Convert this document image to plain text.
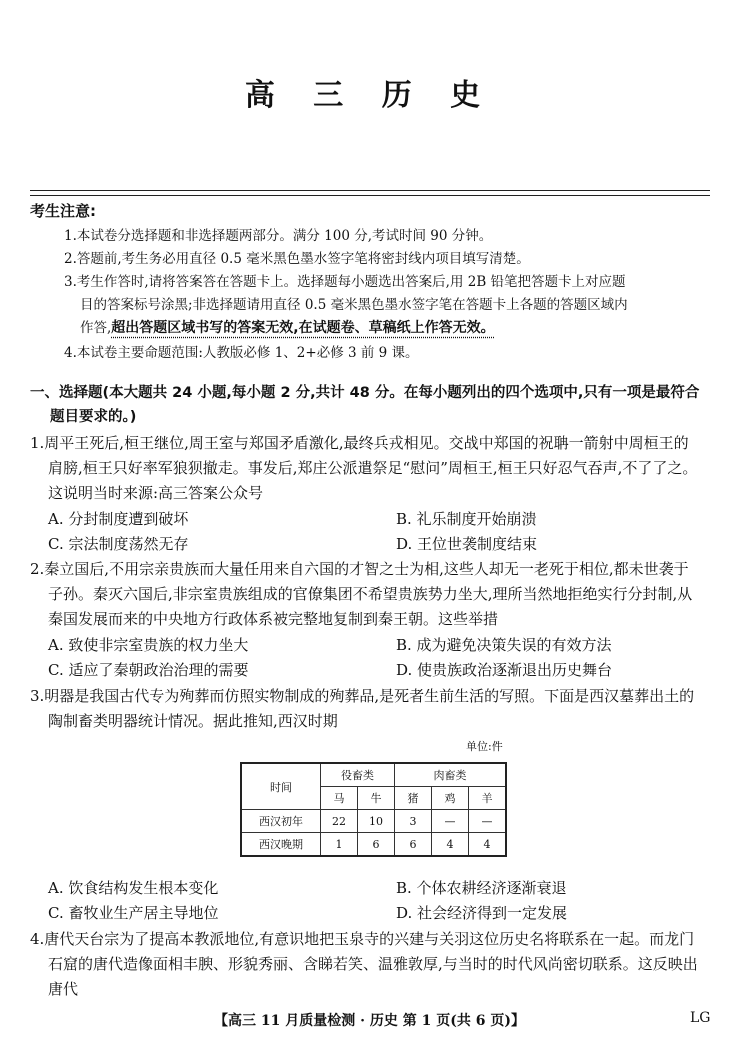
高 三 历 史
考生注意:
1.本试卷分选择题和非选择题两部分。满分 100 分,考试时间 90 分钟。
2.答题前,考生务必用直径 0.5 毫米黑色墨水签字笔将密封线内项目填写清楚。
3.考生作答时,请将答案答在答题卡上。选择题每小题选出答案后,用 2B 铅笔把答题卡上对应题
目的答案标号涂黑;非选择题请用直径 0.5 毫米黑色墨水签字笔在答题卡上各题的答题区域内
作答,超出答题区域书写的答案无效,在试题卷、草稿纸上作答无效。
4.本试卷主要命题范围:人教版必修 1、2+必修 3 前 9 课。
一、选择题(本大题共 24 小题,每小题 2 分,共计 48 分。在每小题列出的四个选项中,只有一项是最符合
题目要求的。)
1.周平王死后,桓王继位,周王室与郑国矛盾激化,最终兵戎相见。交战中郑国的祝聃一箭射中周桓王的
肩膀,桓王只好率军狼狈撤走。事发后,郑庄公派遣祭足“慰问”周桓王,桓王只好忍气吞声,不了了之。
这说明当时来源:高三答案公众号
A. 分封制度遭到破坏	B. 礼乐制度开始崩溃
C. 宗法制度荡然无存	D. 王位世袭制度结束
2.秦立国后,不用宗亲贵族而大量任用来自六国的才智之士为相,这些人却无一老死于相位,都未世袭于
子孙。秦灭六国后,非宗室贵族组成的官僚集团不希望贵族势力坐大,理所当然地拒绝实行分封制,从
秦国发展而来的中央地方行政体系被完整地复制到秦王朝。这些举措
A. 致使非宗室贵族的权力坐大	B. 成为避免决策失误的有效方法
C. 适应了秦朝政治治理的需要	D. 使贵族政治逐渐退出历史舞台
3.明器是我国古代专为殉葬而仿照实物制成的殉葬品,是死者生前生活的写照。下面是西汉墓葬出土的
陶制畜类明器统计情况。据此推知,西汉时期
单位:件
时间	役畜类		肉畜类		
	马	牛	猪	鸡	羊
西汉初年	22	10	3	—	—
西汉晚期	1	6	6	4	4
A. 饮食结构发生根本变化	B. 个体农耕经济逐渐衰退
C. 畜牧业生产居主导地位	D. 社会经济得到一定发展
4.唐代天台宗为了提高本教派地位,有意识地把玉泉寺的兴建与关羽这位历史名将联系在一起。而龙门
石窟的唐代造像面相丰腴、形貌秀丽、含睇若笑、温雅敦厚,与当时的时代风尚密切联系。这反映出
唐代
【高三 11 月质量检测 · 历史 第 1 页(共 6 页)】	LG
